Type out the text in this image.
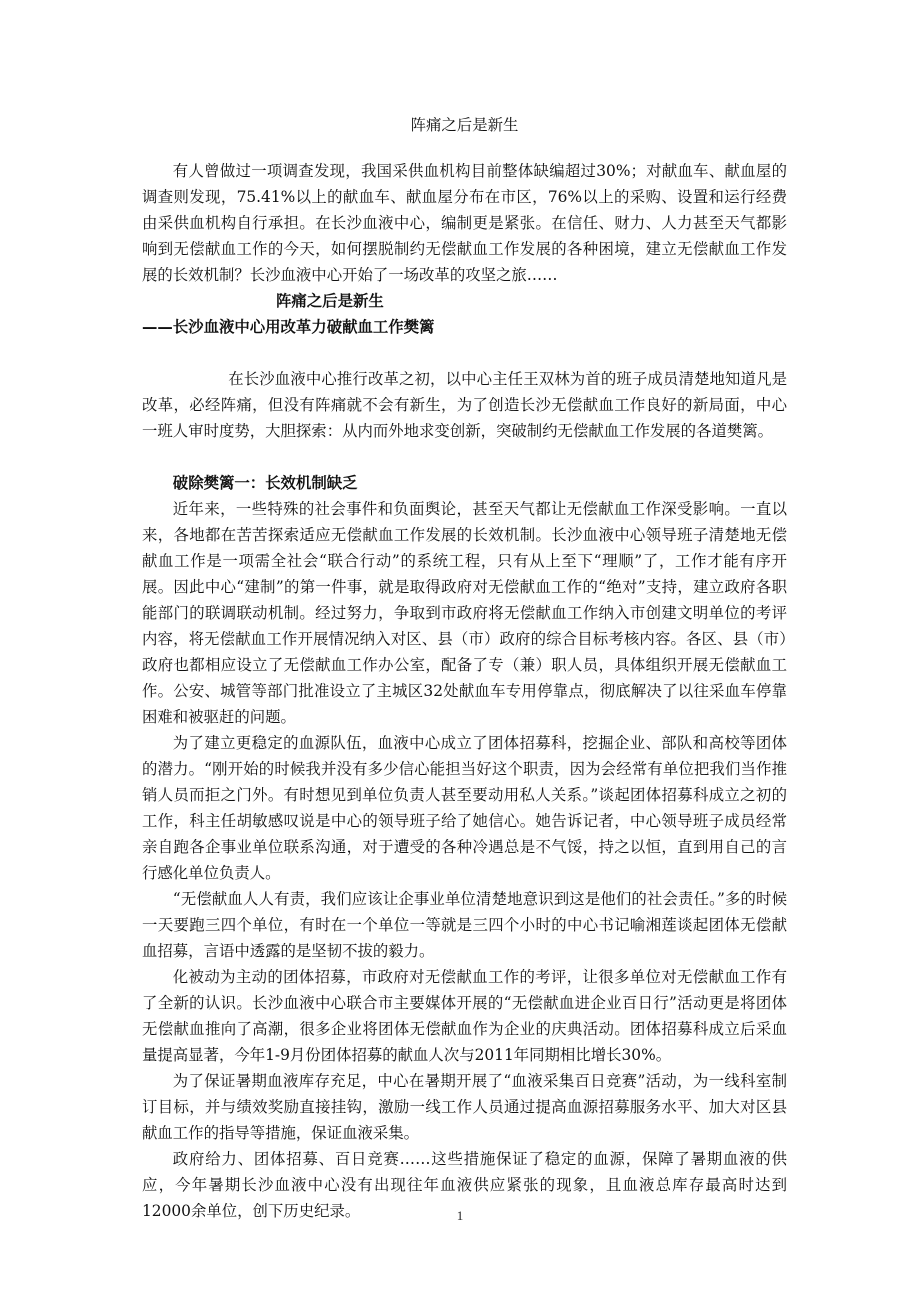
阵痛之后是新生

有人曾做过一项调查发现，我国采供血机构目前整体缺编超过30%；对献血车、献血屋的调查则发现，75.41%以上的献血车、献血屋分布在市区，76%以上的采购、设置和运行经费由采供血机构自行承担。在长沙血液中心，编制更是紧张。在信任、财力、人力甚至天气都影响到无偿献血工作的今天，如何摆脱制约无偿献血工作发展的各种困境，建立无偿献血工作发展的长效机制？长沙血液中心开始了一场改革的攻坚之旅……

阵痛之后是新生

——长沙血液中心用改革力破献血工作樊篱

在长沙血液中心推行改革之初，以中心主任王双林为首的班子成员清楚地知道凡是改革，必经阵痛，但没有阵痛就不会有新生，为了创造长沙无偿献血工作良好的新局面，中心一班人审时度势，大胆探索：从内而外地求变创新，突破制约无偿献血工作发展的各道樊篱。

破除樊篱一：长效机制缺乏

近年来，一些特殊的社会事件和负面舆论，甚至天气都让无偿献血工作深受影响。一直以来，各地都在苦苦探索适应无偿献血工作发展的长效机制。长沙血液中心领导班子清楚地无偿献血工作是一项需全社会“联合行动”的系统工程，只有从上至下“理顺”了，工作才能有序开展。因此中心“建制”的第一件事，就是取得政府对无偿献血工作的“绝对”支持，建立政府各职能部门的联调联动机制。经过努力，争取到市政府将无偿献血工作纳入市创建文明单位的考评内容，将无偿献血工作开展情况纳入对区、县（市）政府的综合目标考核内容。各区、县（市）政府也都相应设立了无偿献血工作办公室，配备了专（兼）职人员，具体组织开展无偿献血工作。公安、城管等部门批准设立了主城区32处献血车专用停靠点，彻底解决了以往采血车停靠困难和被驱赶的问题。

为了建立更稳定的血源队伍，血液中心成立了团体招募科，挖掘企业、部队和高校等团体的潜力。“刚开始的时候我并没有多少信心能担当好这个职责，因为会经常有单位把我们当作推销人员而拒之门外。有时想见到单位负责人甚至要动用私人关系。”谈起团体招募科成立之初的工作，科主任胡敏感叹说是中心的领导班子给了她信心。她告诉记者，中心领导班子成员经常亲自跑各企事业单位联系沟通，对于遭受的各种冷遇总是不气馁，持之以恒，直到用自己的言行感化单位负责人。

“无偿献血人人有责，我们应该让企事业单位清楚地意识到这是他们的社会责任。”多的时候一天要跑三四个单位，有时在一个单位一等就是三四个小时的中心书记喻湘莲谈起团体无偿献血招募，言语中透露的是坚韧不拔的毅力。

化被动为主动的团体招募，市政府对无偿献血工作的考评，让很多单位对无偿献血工作有了全新的认识。长沙血液中心联合市主要媒体开展的“无偿献血进企业百日行”活动更是将团体无偿献血推向了高潮，很多企业将团体无偿献血作为企业的庆典活动。团体招募科成立后采血量提高显著，今年1-9月份团体招募的献血人次与2011年同期相比增长30%。

为了保证暑期血液库存充足，中心在暑期开展了“血液采集百日竞赛”活动，为一线科室制订目标，并与绩效奖励直接挂钩，激励一线工作人员通过提高血源招募服务水平、加大对区县献血工作的指导等措施，保证血液采集。

政府给力、团体招募、百日竞赛……这些措施保证了稳定的血源，保障了暑期血液的供应，今年暑期长沙血液中心没有出现往年血液供应紧张的现象，且血液总库存最高时达到12000余单位，创下历史纪录。	1
